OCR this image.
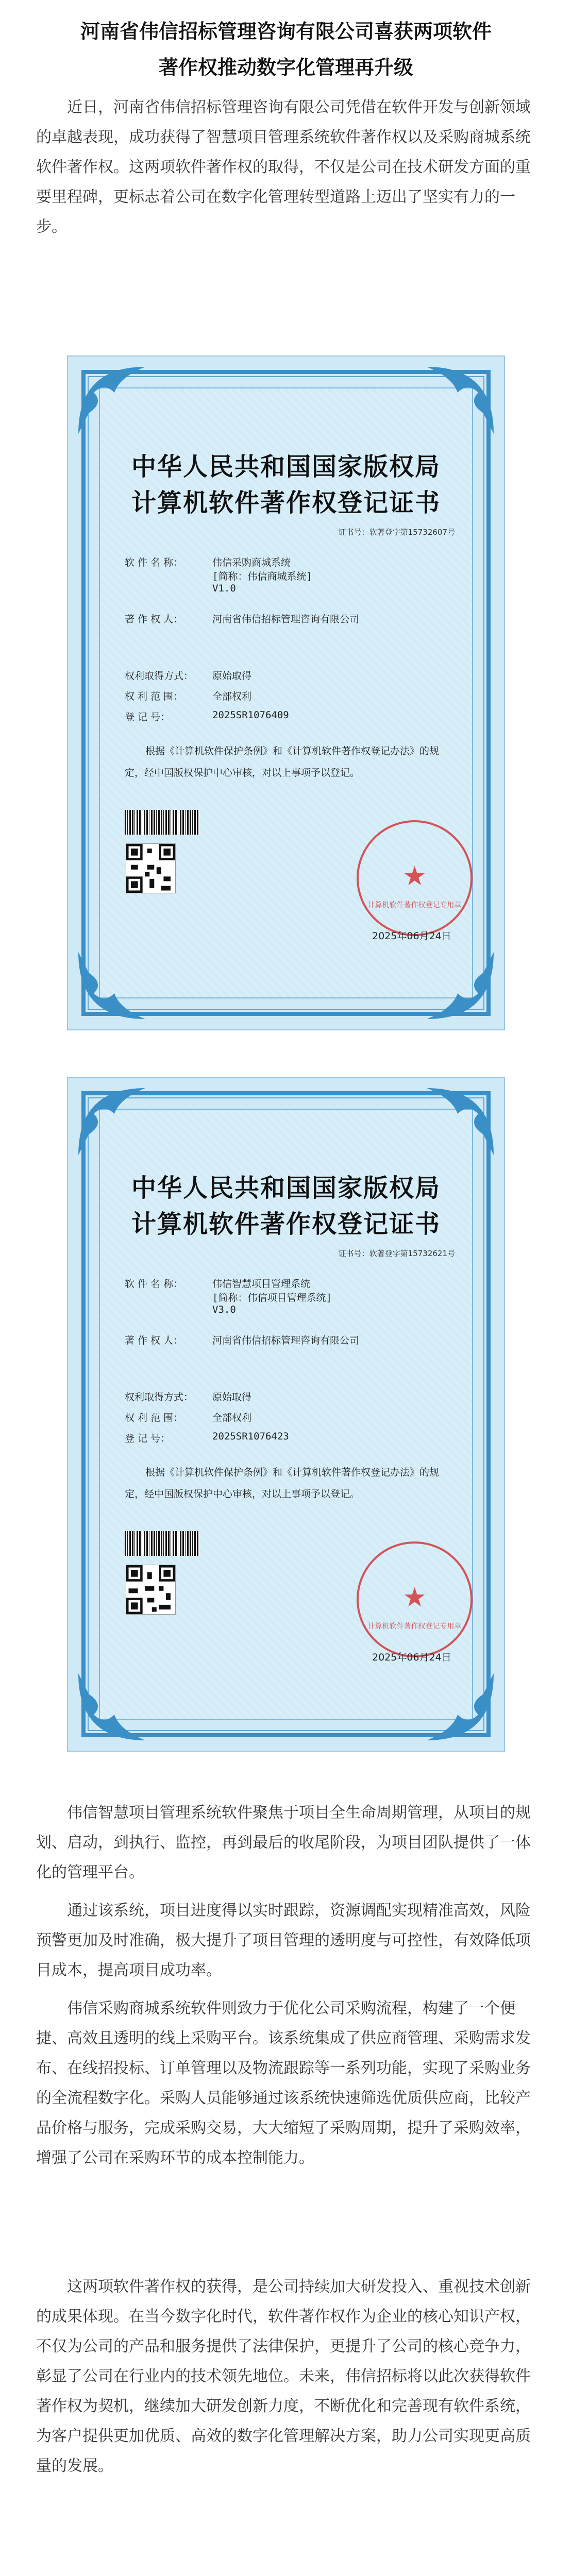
河南省伟信招标管理咨询有限公司喜获两项软件
著作权推动数字化管理再升级

近日，河南省伟信招标管理咨询有限公司凭借在软件开发与创新领域的卓越表现，成功获得了智慧项目管理系统软件著作权以及采购商城系统软件著作权。这两项软件著作权的取得，不仅是公司在技术研发方面的重要里程碑，更标志着公司在数字化管理转型道路上迈出了坚实有力的一步。

中华人民共和国国家版权局
计算机软件著作权登记证书
证书号：软著登字第15732607号
软 件 名 称：	伟信采购商城系统
[简称：伟信商城系统]
V1.0
著 作 权 人：	河南省伟信招标管理咨询有限公司
权利取得方式：	原始取得
权 利 范 围：	全部权利
登 记 号：	2025SR1076409
根据《计算机软件保护条例》和《计算机软件著作权登记办法》的规定，经中国版权保护中心审核，对以上事项予以登记。
★
计算机软件著作权登记专用章
2025年06月24日
中华人民共和国国家版权局
计算机软件著作权登记证书
证书号：软著登字第15732621号
软 件 名 称：	伟信智慧项目管理系统
[简称：伟信项目管理系统]
V3.0
著 作 权 人：	河南省伟信招标管理咨询有限公司
权利取得方式：	原始取得
权 利 范 围：	全部权利
登 记 号：	2025SR1076423
根据《计算机软件保护条例》和《计算机软件著作权登记办法》的规定，经中国版权保护中心审核，对以上事项予以登记。
★
计算机软件著作权登记专用章
2025年06月24日

伟信智慧项目管理系统软件聚焦于项目全生命周期管理，从项目的规划、启动，到执行、监控，再到最后的收尾阶段，为项目团队提供了一体化的管理平台。

通过该系统，项目进度得以实时跟踪，资源调配实现精准高效，风险预警更加及时准确，极大提升了项目管理的透明度与可控性，有效降低项目成本，提高项目成功率。

伟信采购商城系统软件则致力于优化公司采购流程，构建了一个便捷、高效且透明的线上采购平台。该系统集成了供应商管理、采购需求发布、在线招投标、订单管理以及物流跟踪等一系列功能，实现了采购业务的全流程数字化。采购人员能够通过该系统快速筛选优质供应商，比较产品价格与服务，完成采购交易，大大缩短了采购周期，提升了采购效率，增强了公司在采购环节的成本控制能力。

这两项软件著作权的获得，是公司持续加大研发投入、重视技术创新的成果体现。在当今数字化时代，软件著作权作为企业的核心知识产权，不仅为公司的产品和服务提供了法律保护，更提升了公司的核心竞争力，彰显了公司在行业内的技术领先地位。未来，伟信招标将以此次获得软件著作权为契机，继续加大研发创新力度，不断优化和完善现有软件系统，为客户提供更加优质、高效的数字化管理解决方案，助力公司实现更高质量的发展。
